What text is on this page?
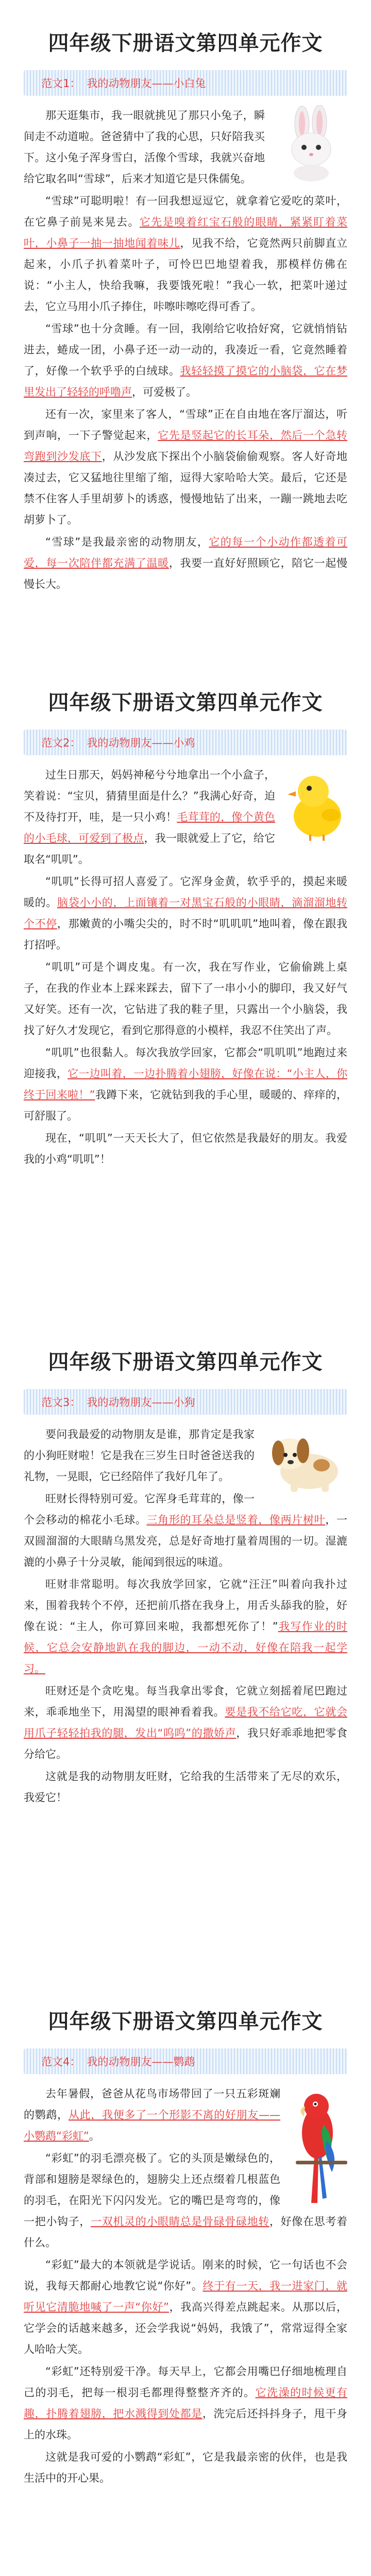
四年级下册语文第四单元作文
范文1： 我的动物朋友——小白兔

那天逛集市，我一眼就挑见了那只小兔子，瞬间走不动道啦。爸爸猜中了我的心思，只好陪我买下。这小兔子浑身雪白，活像个雪球，我就兴奋地给它取名叫“雪球”，后来才知道它是只侏儒兔。

“雪球”可聪明啦！有一回我想逗逗它，就拿着它爱吃的菜叶，在它鼻子前晃来晃去。它先是嗅着红宝石般的眼睛，紧紧盯着菜叶，小鼻子一抽一抽地闻着味儿，见我不给，它竟然两只前脚直立起来，小爪子扒着菜叶子，可怜巴巴地望着我，那模样仿佛在说：“小主人，快给我嘛，我要饿死啦！”我心一软，把菜叶递过去，它立马用小爪子捧住，咔嚓咔嚓吃得可香了。

“雪球”也十分贪睡。有一回，我刚给它收拾好窝，它就悄悄钻进去，蜷成一团，小鼻子还一动一动的，我凑近一看，它竟然睡着了，好像一个软乎乎的白绒球。我轻轻摸了摸它的小脑袋，它在梦里发出了轻轻的呼噜声，可爱极了。

还有一次，家里来了客人，“雪球”正在自由地在客厅溜达，听到声响，一下子警觉起来，它先是竖起它的长耳朵，然后一个急转弯跑到沙发底下，从沙发底下探出个小脑袋偷偷观察。客人好奇地凑过去，它又猛地往里缩了缩，逗得大家哈哈大笑。最后，它还是禁不住客人手里胡萝卜的诱惑，慢慢地钻了出来，一蹦一跳地去吃胡萝卜了。

“雪球”是我最亲密的动物朋友，它的每一个小动作都透着可爱，每一次陪伴都充满了温暖，我要一直好好照顾它，陪它一起慢慢长大。

四年级下册语文第四单元作文
范文2： 我的动物朋友——小鸡

过生日那天，妈妈神秘兮兮地拿出一个小盒子，笑着说：“宝贝，猜猜里面是什么？”我满心好奇，迫不及待打开，哇，是一只小鸡！毛茸茸的，像个黄色的小毛球，可爱到了极点，我一眼就爱上了它，给它取名“叽叽”。

“叽叽”长得可招人喜爱了。它浑身金黄，软乎乎的，摸起来暖暖的。脑袋小小的，上面镶着一对黑宝石般的小眼睛，滴溜溜地转个不停，那嫩黄的小嘴尖尖的，时不时“叽叽叽”地叫着，像在跟我打招呼。

“叽叽”可是个调皮鬼。有一次，我在写作业，它偷偷跳上桌子，在我的作业本上踩来踩去，留下了一串小小的脚印，我又好气又好笑。还有一次，它钻进了我的鞋子里，只露出一个小脑袋，我找了好久才发现它，看到它那得意的小模样，我忍不住笑出了声。

“叽叽”也很黏人。每次我放学回家，它都会“叽叽叽”地跑过来迎接我，它一边叫着，一边扑腾着小翅膀，好像在说：“小主人，你终于回来啦！”我蹲下来，它就钻到我的手心里，暖暖的、痒痒的，可舒服了。

现在，“叽叽”一天天长大了，但它依然是我最好的朋友。我爱我的小鸡“叽叽”！

四年级下册语文第四单元作文
范文3： 我的动物朋友——小狗

要问我最爱的动物朋友是谁，那肯定是我家的小狗旺财啦！它是我在三岁生日时爸爸送我的礼物，一晃眼，它已经陪伴了我好几年了。

旺财长得特别可爱。它浑身毛茸茸的，像一个会移动的棉花小毛球。三角形的耳朵总是竖着，像两片树叶，一双圆溜溜的大眼睛乌黑发亮，总是好奇地打量着周围的一切。湿漉漉的小鼻子十分灵敏，能闻到很远的味道。

旺财非常聪明。每次我放学回家，它就“汪汪”叫着向我扑过来，围着我转个不停，还把前爪搭在我身上，用舌头舔我的脸，好像在说：“主人，你可算回来啦，我都想死你了！”我写作业的时候，它总会安静地趴在我的脚边，一动不动，好像在陪我一起学习。

旺财还是个贪吃鬼。每当我拿出零食，它就立刻摇着尾巴跑过来，乖乖地坐下，用渴望的眼神看着我。要是我不给它吃，它就会用爪子轻轻拍我的腿，发出“呜呜”的撒娇声，我只好乖乖地把零食分给它。

这就是我的动物朋友旺财，它给我的生活带来了无尽的欢乐，我爱它！

四年级下册语文第四单元作文
范文4： 我的动物朋友——鹦鹉

去年暑假，爸爸从花鸟市场带回了一只五彩斑斓的鹦鹉，从此，我便多了一个形影不离的好朋友——小鹦鹉“彩虹”。

“彩虹”的羽毛漂亮极了。它的头顶是嫩绿色的，背部和翅膀是翠绿色的，翅膀尖上还点缀着几根蓝色的羽毛，在阳光下闪闪发光。它的嘴巴是弯弯的，像一把小钩子，一双机灵的小眼睛总是骨碌骨碌地转，好像在思考着什么。

“彩虹”最大的本领就是学说话。刚来的时候，它一句话也不会说，我每天都耐心地教它说“你好”。终于有一天，我一进家门，就听见它清脆地喊了一声“你好”，我高兴得差点跳起来。从那以后，它学会的话越来越多，还会学我说“妈妈，我饿了”，常常逗得全家人哈哈大笑。

“彩虹”还特别爱干净。每天早上，它都会用嘴巴仔细地梳理自己的羽毛，把每一根羽毛都理得整整齐齐的。它洗澡的时候更有趣，扑腾着翅膀，把水溅得到处都是，洗完后还抖抖身子，甩干身上的水珠。

这就是我可爱的小鹦鹉“彩虹”，它是我最亲密的伙伴，也是我生活中的开心果。
